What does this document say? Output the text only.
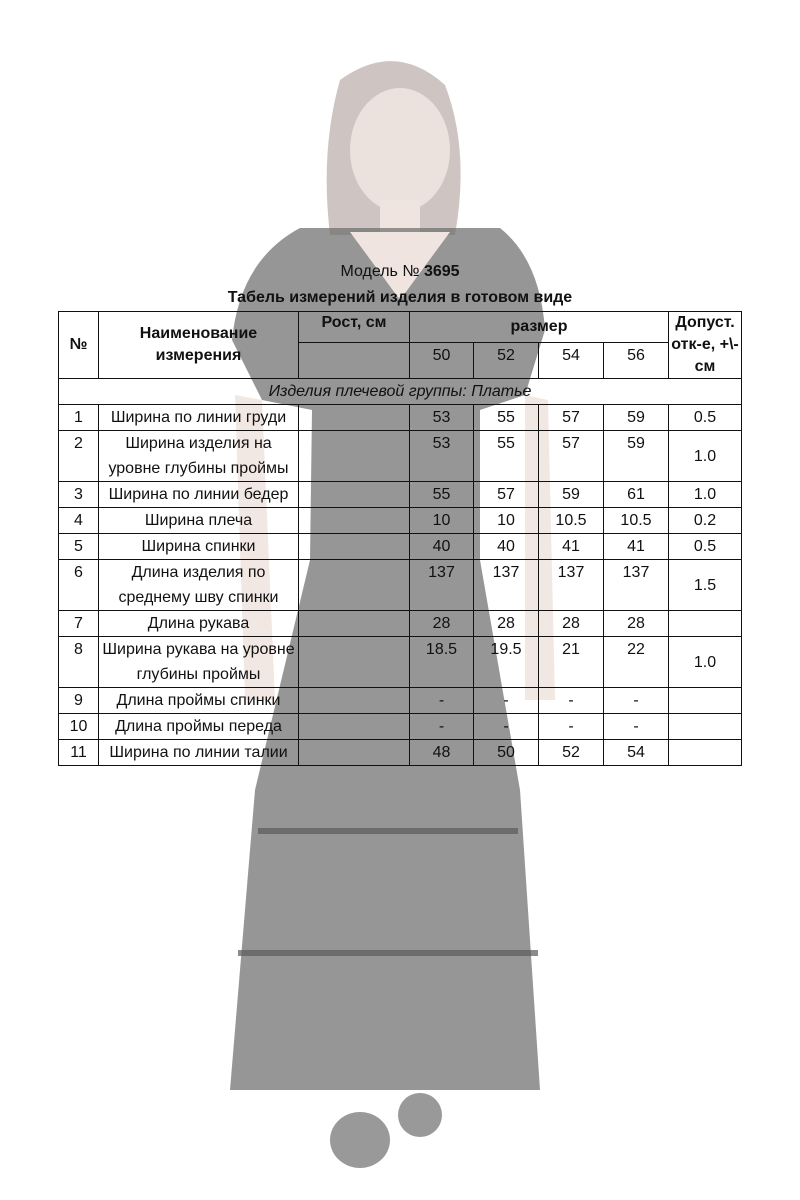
Модель № 3695
Табель измерений изделия в готовом виде
№	Наименование измерения	Рост, см	размер				Допуст. отк-е, +\-см
			50	52	54	56	
Изделия плечевой группы: Платье							
1	Ширина по линии груди		53	55	57	59	0.5
2	Ширина изделия на уровне глубины проймы		53	55	57	59	1.0
3	Ширина по линии бедер		55	57	59	61	1.0
4	Ширина плеча		10	10	10.5	10.5	0.2
5	Ширина спинки		40	40	41	41	0.5
6	Длина изделия по среднему шву спинки		137	137	137	137	1.5
7	Длина рукава		28	28	28	28	
8	Ширина рукава на уровне глубины проймы		18.5	19.5	21	22	1.0
9	Длина проймы спинки		-	-	-	-	
10	Длина проймы переда		-	-	-	-	
11	Ширина по линии талии		48	50	52	54	
